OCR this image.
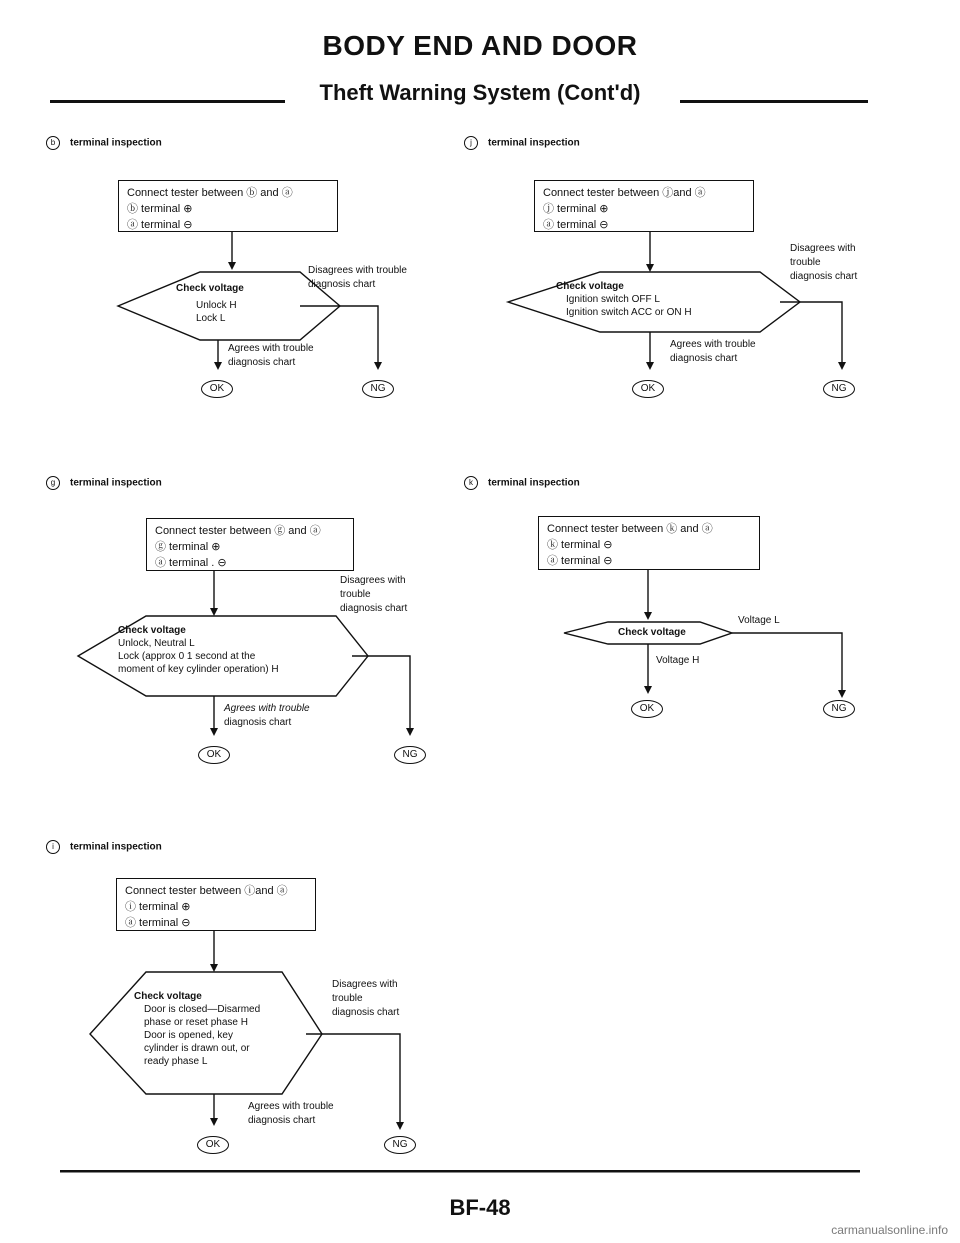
BODY END AND DOOR
Theft Warning System (Cont'd)
b terminal inspection
Connect tester between ⓑ and ⓐ
ⓑ terminal ⊕
ⓐ terminal ⊖
Check voltage
Unlock H
Lock L
Disagrees with trouble
diagnosis chart
Agrees with trouble
diagnosis chart
OK	NG
j terminal inspection
Connect tester between ⓙand ⓐ
ⓙ terminal ⊕
ⓐ terminal ⊖
Check voltage
Ignition switch OFF L
Ignition switch ACC or ON H
Disagrees with
trouble
diagnosis chart
Agrees with trouble
diagnosis chart
OK	NG
g terminal inspection
Connect tester between ⓖ and ⓐ
ⓖ terminal ⊕
ⓐ terminal . ⊖
Check voltage
Unlock, Neutral L
Lock (approx 0 1 second at the
moment of key cylinder operation) H
Disagrees with
trouble
diagnosis chart
Agrees with trouble
diagnosis chart
OK	NG
k terminal inspection
Connect tester between ⓚ and ⓐ
ⓚ terminal ⊖
ⓐ terminal ⊖
Check voltage
Voltage L
Voltage H
OK	NG
i terminal inspection
Connect tester between ⓘand ⓐ
ⓘ terminal ⊕
ⓐ terminal ⊖
Check voltage
Door is closed—Disarmed
phase or reset phase H
Door is opened, key
cylinder is drawn out, or
ready phase L
Disagrees with
trouble
diagnosis chart
Agrees with trouble
diagnosis chart
OK	NG
BF-48
carmanualsonline.info
